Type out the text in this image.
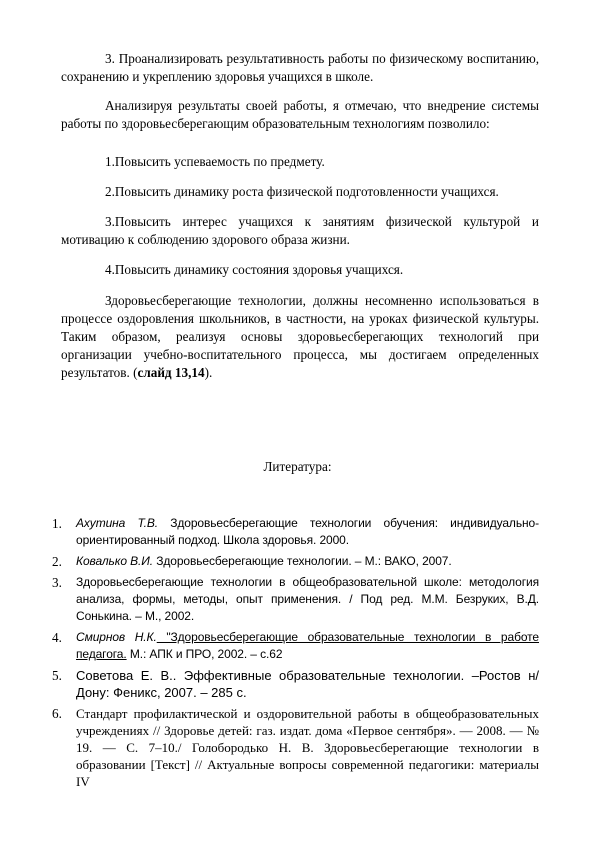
3. Проанализировать результативность работы по физическому воспитанию, сохранению и укреплению здоровья учащихся в школе.

Анализируя результаты своей работы, я отмечаю, что внедрение системы работы по здоровьесберегающим образовательным технологиям позволило:

1.Повысить успеваемость по предмету.

2.Повысить динамику роста физической подготовленности учащихся.

3.Повысить интерес учащихся к занятиям физической культурой и мотивацию к соблюдению здорового образа жизни.

4.Повысить динамику состояния здоровья учащихся.

Здоровьесберегающие технологии, должны несомненно использоваться в процессе оздоровления школьников, в частности, на уроках физической культуры. Таким образом, реализуя основы здоровьесберегающих технологий при организации учебно-воспитательного процесса, мы достигаем определенных результатов. (слайд 13,14).

Литература:
1.	Ахутина Т.В. Здоровьесберегающие технологии обучения: индивидуально-ориентированный подход. Школа здоровья. 2000.
2.	Ковалько В.И. Здоровьесберегающие технологии. – М.: ВАКО, 2007.
3.	Здоровьесберегающие технологии в общеобразовательной школе: методология анализа, формы, методы, опыт применения. / Под ред. М.М. Безруких, В.Д. Сонькина. – М., 2002.
4.	Смирнов Н.К. "Здоровьесберегающие образовательные технологии в работе педагога. М.: АПК и ПРО, 2002. – с.62
5.	Советова Е. В.. Эффективные образовательные технологии. –Ростов н/Дону: Феникс, 2007. – 285 с.
6.	Стандарт профилактической и оздоровительной работы в общеобразовательных учреждениях // Здоровье детей: газ. издат. дома «Первое сентября». — 2008. — № 19. — С. 7–10./ Голобородько Н. В. Здоровьесберегающие технологии в образовании [Текст] // Актуальные вопросы современной педагогики: материалы IV
